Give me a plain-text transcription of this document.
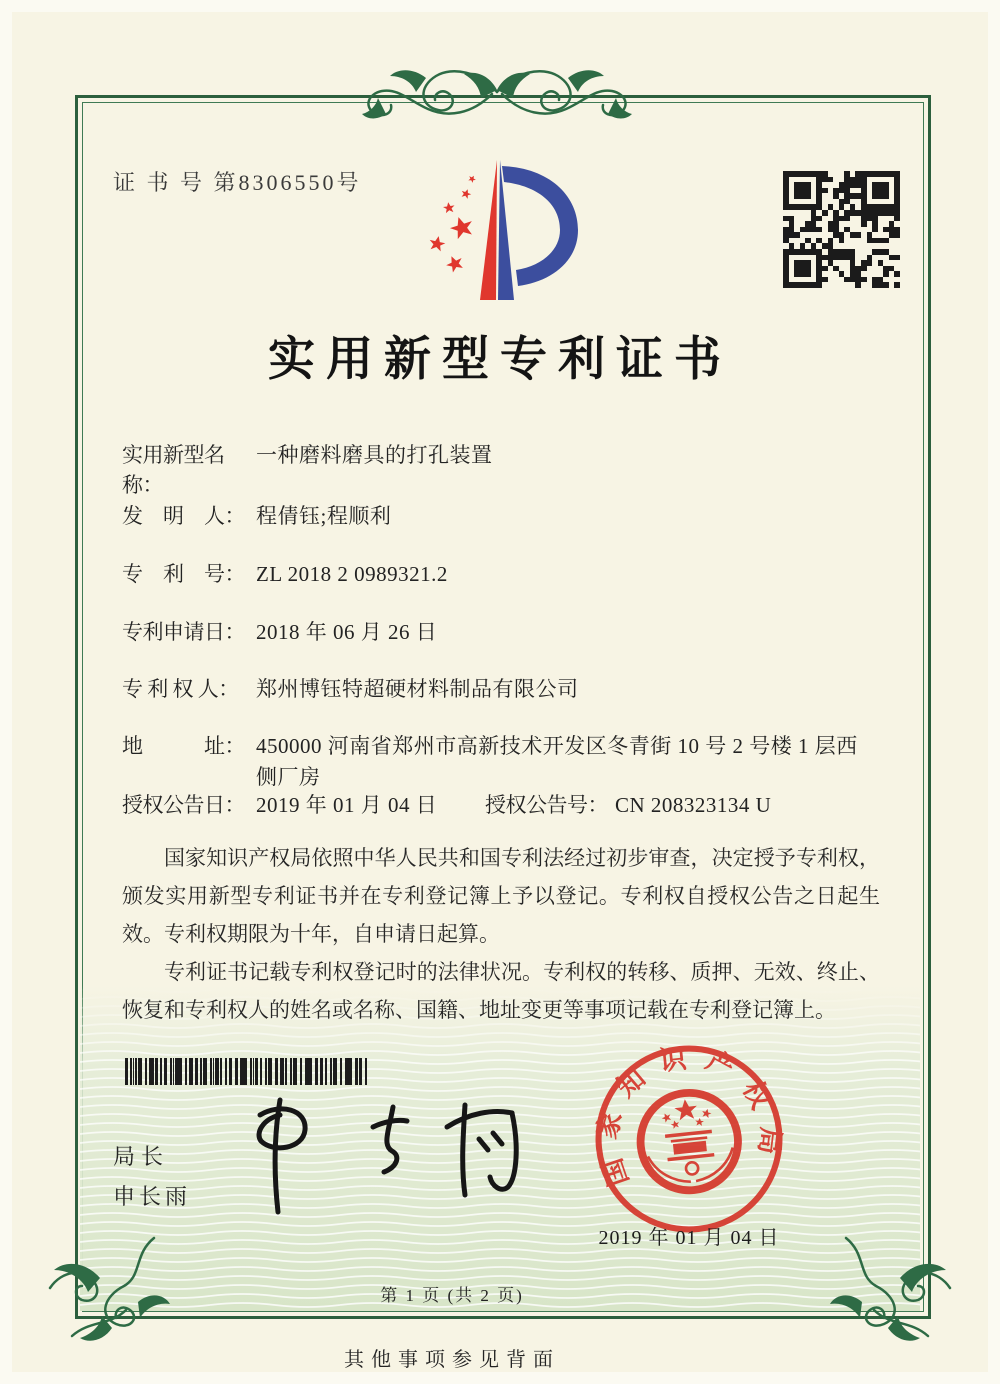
证 书 号 第8306550号
实用新型专利证书
实用新型名称：
一种磨料磨具的打孔装置
发　明　人： 程倩钰;程顺利
专　利　号： ZL 2018 2 0989321.2
专利申请日： 2018 年 06 月 26 日
专 利 权 人： 郑州博钰特超硬材料制品有限公司
地　　　址： 450000 河南省郑州市高新技术开发区冬青街 10 号 2 号楼 1 层西侧厂房
授权公告日： 2019 年 01 月 04 日 授权公告号： CN 208323134 U

国家知识产权局依照中华人民共和国专利法经过初步审查，决定授予专利权，颁发实用新型专利证书并在专利登记簿上予以登记。专利权自授权公告之日起生效。专利权期限为十年，自申请日起算。

专利证书记载专利权登记时的法律状况。专利权的转移、质押、无效、终止、恢复和专利权人的姓名或名称、国籍、地址变更等事项记载在专利登记簿上。

局长
申长雨
国家知识产权局
2019 年 01 月 04 日
第 1 页 (共 2 页)
其他事项参见背面
